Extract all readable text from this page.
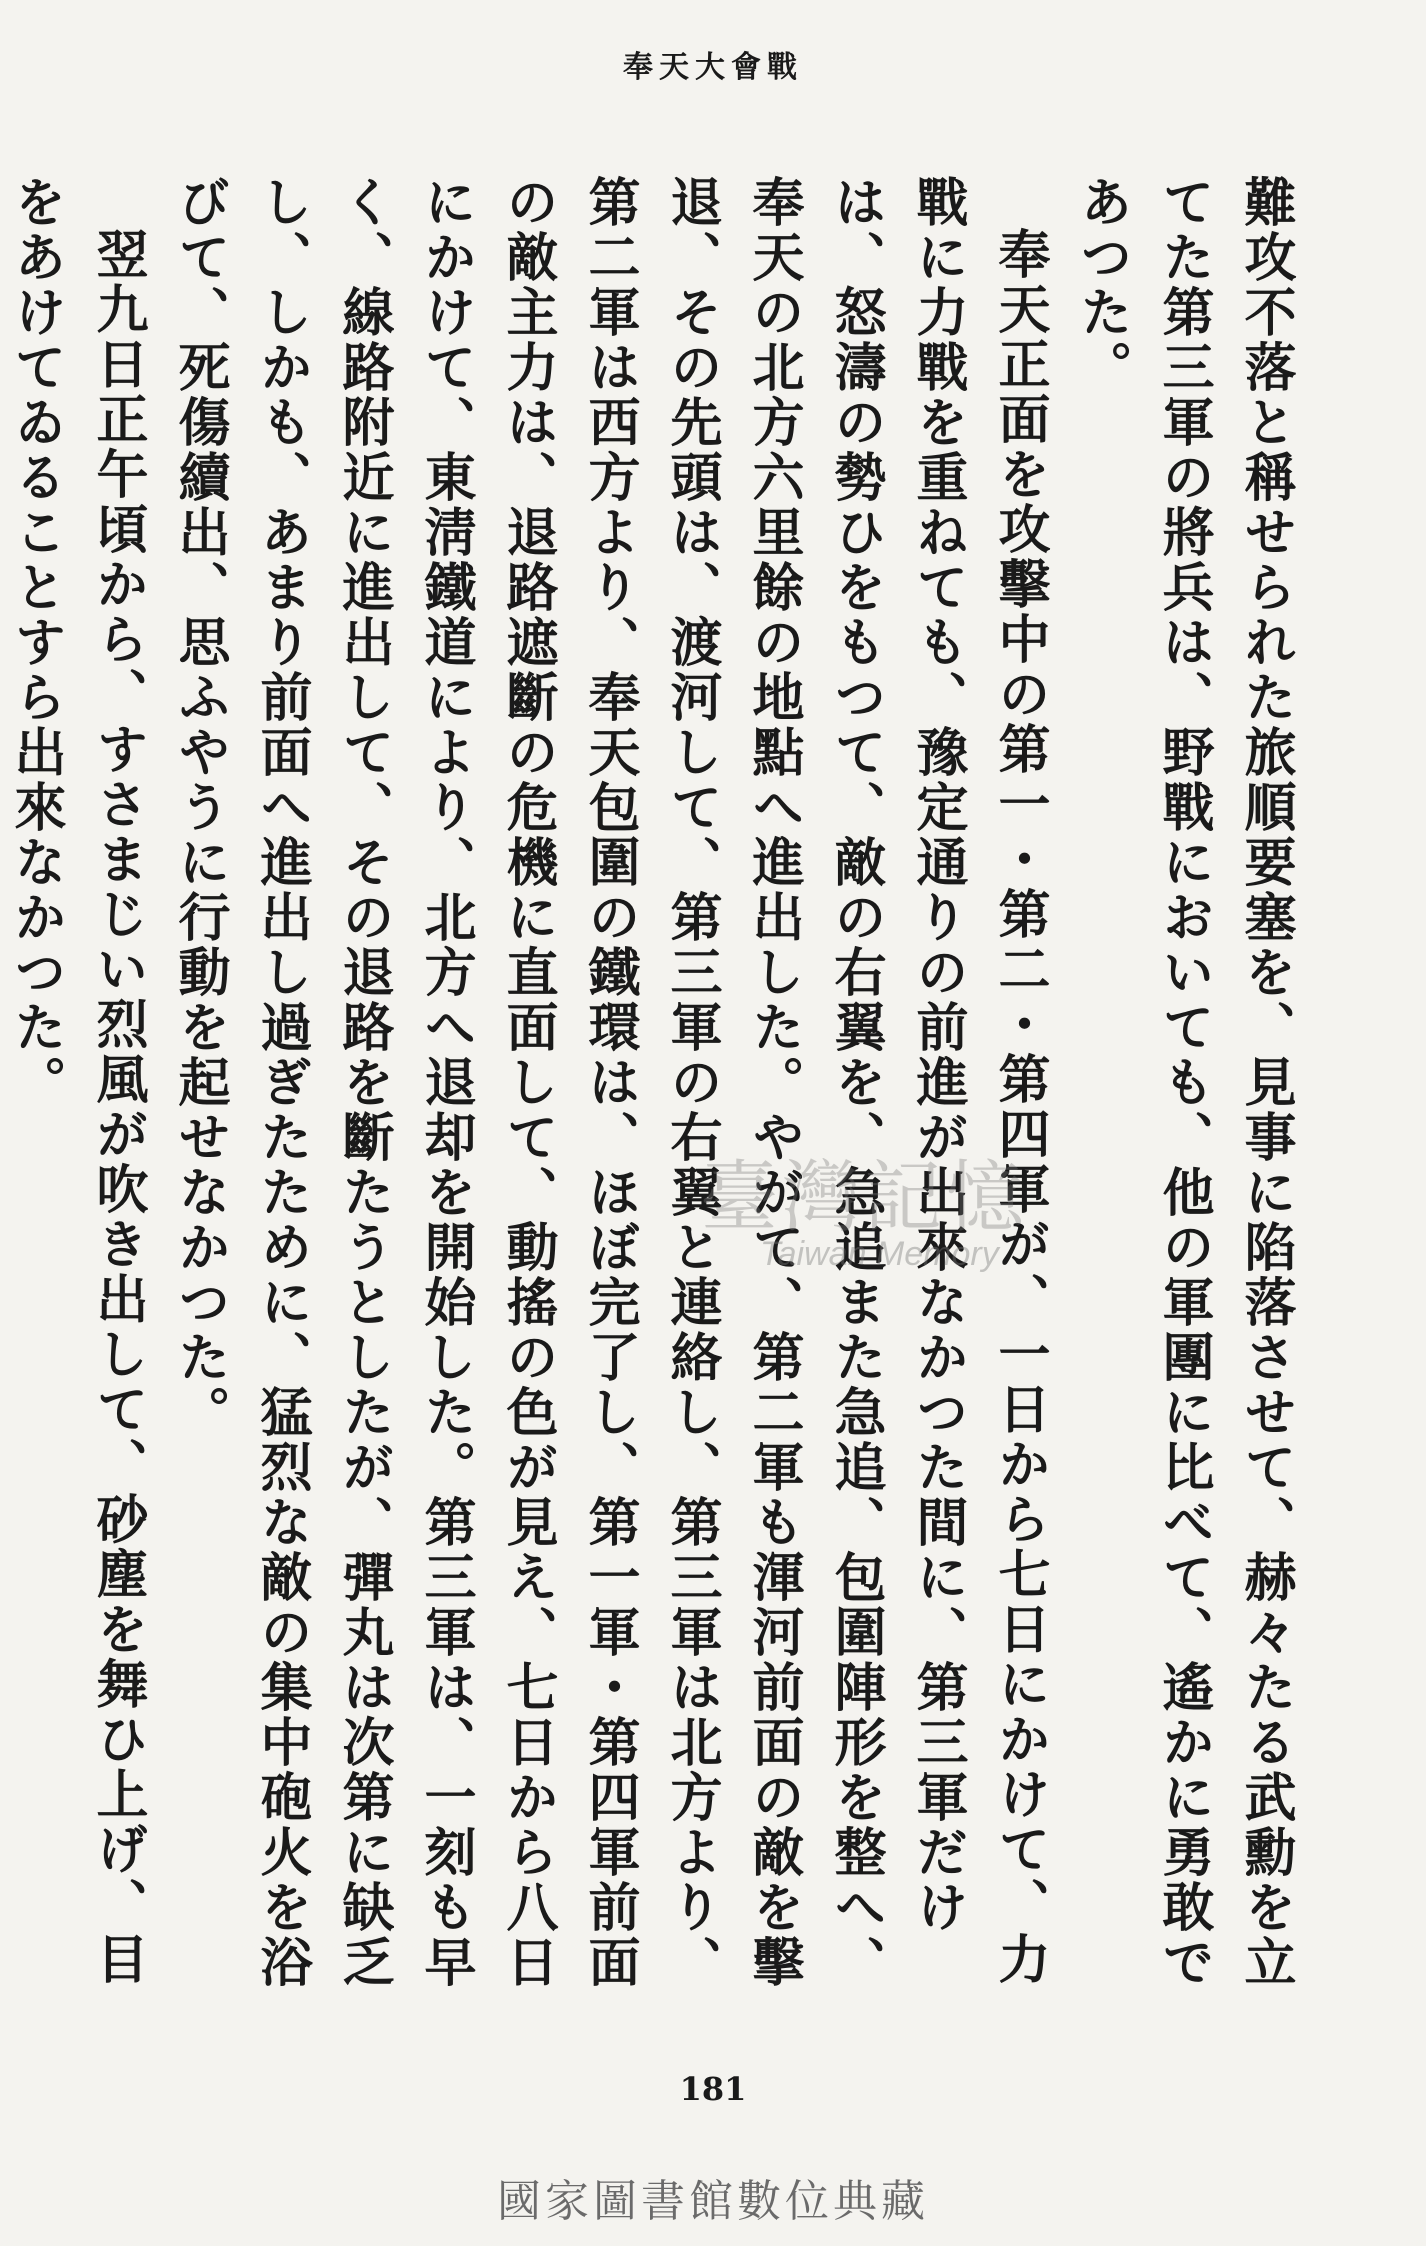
奉天大會戰

難攻不落と稱せられた旅順要塞を、見事に陷落させて、赫々たる武勳を立てた第三軍の將兵は、野戰においても、他の軍團に比べて、遙かに勇敢であつた。

奉天正面を攻擊中の第一・第二・第四軍が、一日から七日にかけて、力戰に力戰を重ねても、豫定通りの前進が出來なかつた間に、第三軍だけは、怒濤の勢ひをもつて、敵の右翼を、急追また急追、包圍陣形を整へ、奉天の北方六里餘の地點へ進出した。やがて、第二軍も渾河前面の敵を擊退、その先頭は、渡河して、第三軍の右翼と連絡し、第三軍は北方より、第二軍は西方より、奉天包圍の鐵環は、ほぼ完了し、第一軍・第四軍前面の敵主力は、退路遮斷の危機に直面して、動搖の色が見え、七日から八日にかけて、東淸鐵道により、北方へ退却を開始した。第三軍は、一刻も早く、線路附近に進出して、その退路を斷たうとしたが、彈丸は次第に缺乏し、しかも、あまり前面へ進出し過ぎたために、猛烈な敵の集中砲火を浴びて、死傷續出、思ふやうに行動を起せなかつた。

翌九日正午頃から、すさまじい烈風が吹き出して、砂塵を舞ひ上げ、目をあけてゐることすら出來なかつた。

臺灣記憶
Taiwan Memory
181
國家圖書館數位典藏
